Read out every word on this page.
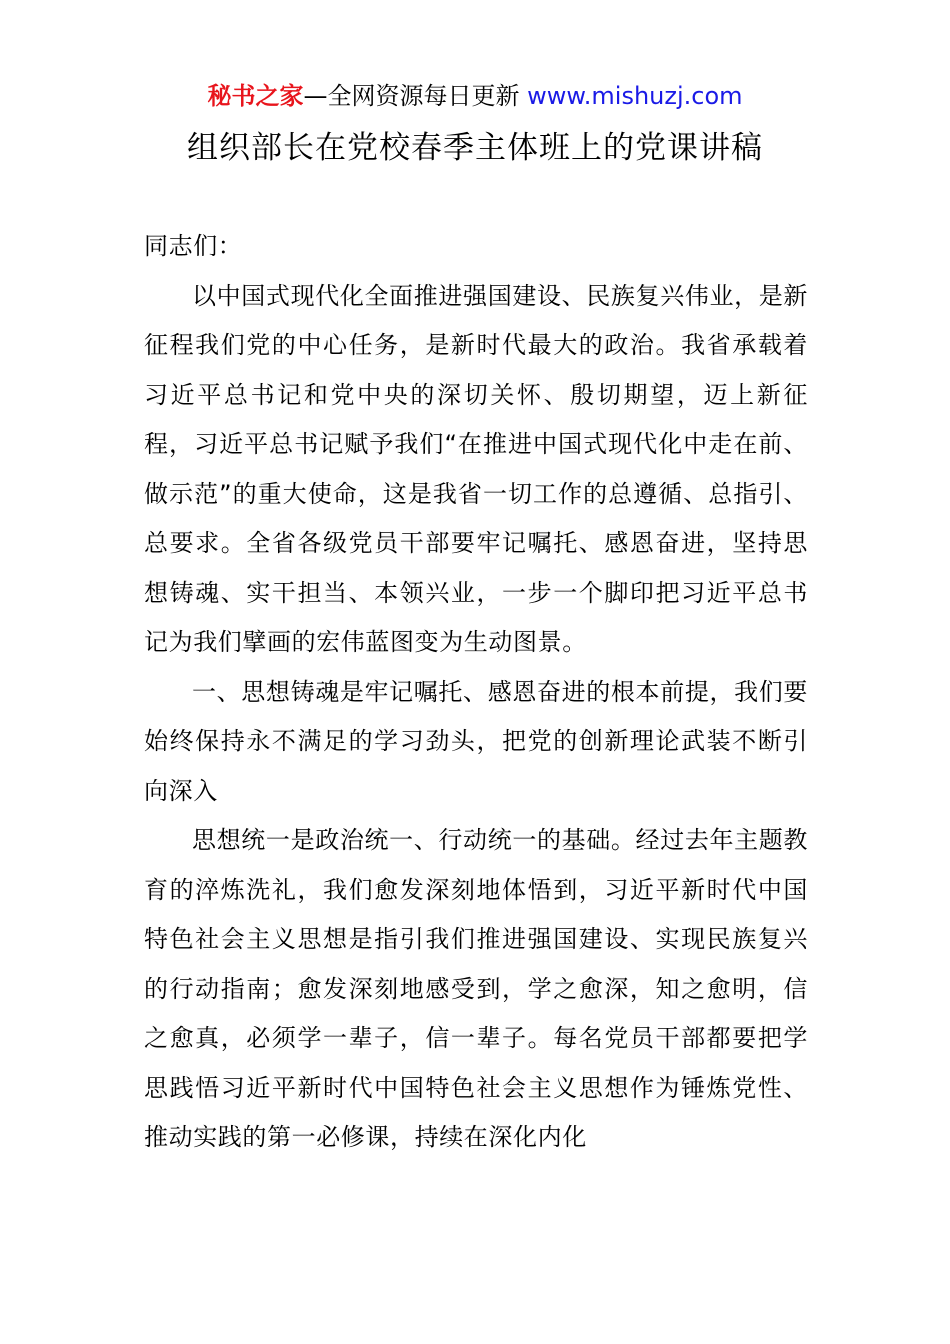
秘书之家—全网资源每日更新 www.mishuzj.com
组织部长在党校春季主体班上的党课讲稿

同志们：

以中国式现代化全面推进强国建设、民族复兴伟业，是新征程我们党的中心任务，是新时代最大的政治。我省承载着习近平总书记和党中央的深切关怀、殷切期望，迈上新征程，习近平总书记赋予我们“在推进中国式现代化中走在前、做示范”的重大使命，这是我省一切工作的总遵循、总指引、总要求。全省各级党员干部要牢记嘱托、感恩奋进，坚持思想铸魂、实干担当、本领兴业，一步一个脚印把习近平总书记为我们擘画的宏伟蓝图变为生动图景。

一、思想铸魂是牢记嘱托、感恩奋进的根本前提，我们要始终保持永不满足的学习劲头，把党的创新理论武装不断引向深入

思想统一是政治统一、行动统一的基础。经过去年主题教育的淬炼洗礼，我们愈发深刻地体悟到，习近平新时代中国特色社会主义思想是指引我们推进强国建设、实现民族复兴的行动指南；愈发深刻地感受到，学之愈深，知之愈明，信之愈真，必须学一辈子，信一辈子。每名党员干部都要把学思践悟习近平新时代中国特色社会主义思想作为锤炼党性、推动实践的第一必修课，持续在深化内化
